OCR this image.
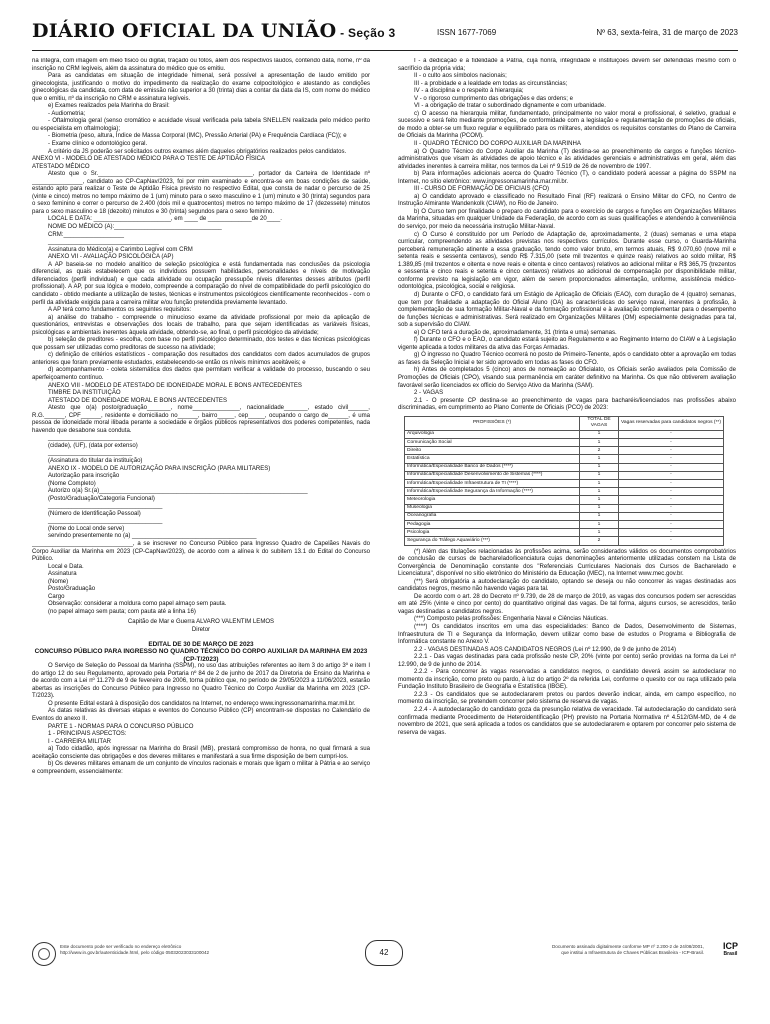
DIÁRIO OFICIAL DA UNIÃO - Seção 3	ISSN 1677-7069	Nº 63, sexta-feira, 31 de março de 2023

na íntegra, com imagem em meio físico ou digital, traçado ou fotos, além dos respectivos laudos, contendo data, nome, nº da inscrição no CRM legíveis, além da assinatura do médico que os emitiu.

Para as candidatas em situação de integridade himenal, será possível a apresentação de laudo emitido por ginecologista, justificando o motivo do impedimento da realização do exame colpocitológico e atestando as condições ginecológicas da candidata, com data de emissão não superior a 30 (trinta) dias a contar da data da IS, com nome do médico que o emitiu, nº da inscrição no CRM e assinatura legíveis.

e) Exames realizados pela Marinha do Brasil:

- Audiometria;

- Oftalmologia geral (senso cromático e acuidade visual verificada pela tabela SNELLEN realizada pelo médico perito ou especialista em oftalmologia);

- Biometria (peso, altura, Índice de Massa Corporal (IMC), Pressão Arterial (PA) e Frequência Cardíaca (FC)); e

- Exame clínico e odontológico geral.

A critério da JS poderão ser solicitados outros exames além daqueles obrigatórios realizados pelos candidatos.

ANEXO VI - MODELO DE ATESTADO MÉDICO PARA O TESTE DE APTIDÃO FÍSICA

ATESTADO MÉDICO

Atesto que o Sr.______________________________________________, portador da Carteira de Identidade nº _______________, candidato ao CP-CapNav/2023, foi por mim examinado e encontra-se em boas condições de saúde, estando apto para realizar o Teste de Aptidão Física previsto no respectivo Edital, que consta de nadar o percurso de 25 (vinte e cinco) metros no tempo máximo de 1 (um) minuto para o sexo masculino e 1 (um) minuto e 30 (trinta) segundos para o sexo feminino e correr o percurso de 2.400 (dois mil e quatrocentos) metros no tempo máximo de 17 (dezessete) minutos para o sexo masculino e 18 (dezoito) minutos e 30 (trinta) segundos para o sexo feminino.

LOCAL E DATA: _______________________, em ____ de _____________de 20____.

NOME DO MÉDICO (A):________________________________

CRM:__________________

_________________________________

Assinatura do Médico(a) e Carimbo Legível com CRM

ANEXO VII - AVALIAÇÃO PSICOLÓGICA (AP)

A AP baseia-se no modelo analítico de seleção psicológica e está fundamentada nas conclusões da psicologia diferencial, as quais estabelecem que os indivíduos possuem habilidades, personalidades e níveis de motivação diferenciados (perfil individual) e que cada atividade ou ocupação pressupõe níveis diferentes desses atributos (perfil profissional). A AP, por sua lógica e modelo, compreende a comparação do nível de compatibilidade do perfil psicológico do candidato - obtido mediante a utilização de testes, técnicas e instrumentos psicológicos cientificamente reconhecidos - com o perfil da atividade exigida para a carreira militar e/ou função pretendida previamente levantado.

A AP terá como fundamentos os seguintes requisitos:

a) análise do trabalho - compreende o minucioso exame da atividade profissional por meio da aplicação de questionários, entrevistas e observações dos locais de trabalho, para que sejam identificadas as variáveis físicas, psicológicas e ambientais inerentes àquela atividade, obtendo-se, ao final, o perfil psicológico da atividade;

b) seleção de preditores - escolha, com base no perfil psicológico determinado, dos testes e das técnicas psicológicas que possam ser utilizadas como preditoras de sucesso na atividade;

c) definição de critérios estatísticos - comparação dos resultados dos candidatos com dados acumulados de grupos anteriores que foram previamente estudados, estabelecendo-se então os níveis mínimos aceitáveis; e

d) acompanhamento - coleta sistemática dos dados que permitam verificar a validade do processo, buscando o seu aperfeiçoamento contínuo.

ANEXO VIII - MODELO DE ATESTADO DE IDONEIDADE MORAL E BONS ANTECEDENTES

TIMBRE DA INSTITUIÇÃO

ATESTADO DE IDONEIDADE MORAL E BONS ANTECEDENTES

Atesto que o(a) posto/graduação_______, nome______________, nacionalidade_______, estado civil______, R.G.______, CPF______, residente e domiciliado no______, bairro_____, cep_____, ocupando o cargo de______, é uma pessoa de idoneidade moral ilibada perante a sociedade e órgãos públicos representativos dos poderes competentes, nada havendo que desabone sua conduta.

_________________________

(cidade), (UF), (data por extenso)

_________________________

(Assinatura do titular da instituição)

ANEXO IX - MODELO DE AUTORIZAÇÃO PARA INSCRIÇÃO (PARA MILITARES)

Autorização para inscrição

(Nome Completo)

Autorizo o(a) Sr.(a)______________________________________________________________

(Posto/Graduação/Categoria Funcional)

__________________________________

(Número de Identificação Pessoal)

__________________________________

(Nome do Local onde serve)

servindo presentemente no (a) _____________________________________

______________________________, a se inscrever no Concurso Público para Ingresso Quadro de Capelães Navais do Corpo Auxiliar da Marinha em 2023 (CP-CapNav/2023), de acordo com a alínea k do subitem 13.1 do Edital do Concurso Público.

Local e Data.

Assinatura

(Nome)

Posto/Graduação

Cargo

Observação: considerar a moldura como papel almaço sem pauta.

(no papel almaço sem pauta; com pauta até a linha 16)

Capitão de Mar e Guerra ALVARO VALENTIM LEMOS

Diretor

EDITAL DE 30 DE MARÇO DE 2023

CONCURSO PÚBLICO PARA INGRESSO NO QUADRO TÉCNICO DO CORPO AUXILIAR DA MARINHA EM 2023 (CP-T/2023)

O Serviço de Seleção do Pessoal da Marinha (SSPM), no uso das atribuições referentes ao item 3 do artigo 3º e item I do artigo 12 do seu Regulamento, aprovado pela Portaria nº 84 de 2 de junho de 2017 da Diretoria de Ensino da Marinha e de acordo com a Lei nº 11.279 de 9 de fevereiro de 2006, torna público que, no período de 29/05/2023 a 11/06/2023, estarão abertas as inscrições do Concurso Público para Ingresso no Quadro Técnico do Corpo Auxiliar da Marinha em 2023 (CP-T/2023).

O presente Edital estará à disposição dos candidatos na Internet, no endereço www.ingressonamarinha.mar.mil.br.

As datas relativas às diversas etapas e eventos do Concurso Público (CP) encontram-se dispostas no Calendário de Eventos do anexo II.

PARTE 1 - NORMAS PARA O CONCURSO PÚBLICO

1 - PRINCIPAIS ASPECTOS:

I - CARREIRA MILITAR

a) Todo cidadão, após ingressar na Marinha do Brasil (MB), prestará compromisso de honra, no qual firmará a sua aceitação consciente das obrigações e dos deveres militares e manifestará a sua firme disposição de bem cumpri-los.

b) Os deveres militares emanam de um conjunto de vínculos racionais e morais que ligam o militar à Pátria e ao serviço e compreendem, essencialmente:

I - a dedicação e a fidelidade à Pátria, cuja honra, integridade e instituições devem ser defendidas mesmo com o sacrifício da própria vida;

II - o culto aos símbolos nacionais;

III - a probidade e a lealdade em todas as circunstâncias;

IV - a disciplina e o respeito à hierarquia;

V - o rigoroso cumprimento das obrigações e das ordens; e

VI - a obrigação de tratar o subordinado dignamente e com urbanidade.

c) O acesso na hierarquia militar, fundamentado, principalmente no valor moral e profissional, é seletivo, gradual e sucessivo e será feito mediante promoções, de conformidade com a legislação e regulamentação de promoções de oficiais, de modo a obter-se um fluxo regular e equilibrado para os militares, atendidos os requisitos constantes do Plano de Carreira de Oficiais da Marinha (PCOM).

II - QUADRO TÉCNICO DO CORPO AUXILIAR DA MARINHA

a) O Quadro Técnico do Corpo Auxiliar da Marinha (T) destina-se ao preenchimento de cargos e funções técnico-administrativos que visam às atividades de apoio técnico e às atividades gerenciais e administrativas em geral, além das atividades inerentes à carreira militar, nos termos da Lei nº 9.519 de 26 de novembro de 1997.

b) Para informações adicionais acerca do Quadro Técnico (T), o candidato poderá acessar a página do SSPM na Internet, no sítio eletrônico: www.ingressonamarinha.mar.mil.br.

III - CURSO DE FORMAÇÃO DE OFICIAIS (CFO)

a) O candidato aprovado e classificado no Resultado Final (RF) realizará o Ensino Militar do CFO, no Centro de Instrução Almirante Wandenkolk (CIAW), no Rio de Janeiro.

b) O Curso tem por finalidade o preparo do candidato para o exercício de cargos e funções em Organizações Militares da Marinha, situadas em qualquer Unidade da Federação, de acordo com as suas qualificações e atendendo à conveniência do serviço, por meio da necessária instrução Militar-Naval.

c) O Curso é constituído por um Período de Adaptação de, aproximadamente, 2 (duas) semanas e uma etapa curricular, compreendendo as atividades previstas nos respectivos currículos. Durante esse curso, o Guarda-Marinha perceberá remuneração atinente a essa graduação, tendo como valor bruto, em termos atuais, R$ 9.070,60 (nove mil e setenta reais e sessenta centavos), sendo R$ 7.315,00 (sete mil trezentos e quinze reais) relativos ao soldo militar, R$ 1.389,85 (mil trezentos e oitenta e nove reais e oitenta e cinco centavos) relativos ao adicional militar e R$ 365,75 (trezentos e sessenta e cinco reais e setenta e cinco centavos) relativos ao adicional de compensação por disponibilidade militar, conforme previsto na legislação em vigor, além de serem proporcionados alimentação, uniforme, assistência médico-odontológica, psicológica, social e religiosa.

d) Durante o CFO, o candidato fará um Estágio de Aplicação de Oficiais (EAO), com duração de 4 (quatro) semanas, que tem por finalidade a adaptação do Oficial Aluno (OA) às características do serviço naval, inerentes à profissão, à complementação de sua formação Militar-Naval e da formação profissional e à avaliação complementar para o desempenho de funções técnicas e administrativas. Será realizado em Organizações Militares (OM) especialmente designadas para tal, sob a supervisão do CIAW.

e) O CFO terá a duração de, aproximadamente, 31 (trinta e uma) semanas.

f) Durante o CFO e o EAO, o candidato estará sujeito ao Regulamento e ao Regimento Interno do CIAW e à Legislação vigente aplicada a todos militares da ativa das Forças Armadas.

g) O ingresso no Quadro Técnico ocorrerá no posto de Primeiro-Tenente, após o candidato obter a aprovação em todas as fases da Seleção Inicial e ter sido aprovado em todas as fases do CFO.

h) Antes de completados 5 (cinco) anos de nomeação ao Oficialato, os Oficiais serão avaliados pela Comissão de Promoções de Oficiais (CPO), visando sua permanência em caráter definitivo na Marinha. Os que não obtiverem avaliação favorável serão licenciados ex officio do Serviço Ativo da Marinha (SAM).

2 - VAGAS

2.1 - O presente CP destina-se ao preenchimento de vagas para bacharéis/licenciados nas profissões abaixo discriminadas, em cumprimento ao Plano Corrente de Oficiais (PCO) de 2023:

PROFISSÕES (*)	TOTAL DE VAGAS	Vagas reservadas para candidatos negros (**)
Arquivologia	1	-
Comunicação Social	1	-
Direito	2	-
Estatística	1	-
Informática/Especialidade Banco de Dados (****)	1	-
Informática/Especialidade Desenvolvimento de Sistemas (****)	1	-
Informática/Especialidade Infraestrutura de TI (****)	1	-
Informática/Especialidade Segurança da Informação (****)	1	-
Meteorologia	1	-
Museologia	1	-
Oceanografia	1	-
Pedagogia	1	-
Psicologia	1	-
Segurança do Tráfego Aquaviário (***)	2	-

(*) Além das titulações relacionadas às profissões acima, serão considerados válidos os documentos comprobatórios de conclusão de cursos de bacharelado/licenciatura cujas denominações anteriormente utilizadas constem na Lista de Convergência de Denominação constante dos "Referenciais Curriculares Nacionais dos Cursos de Bacharelado e Licenciatura", disponível no sítio eletrônico do Ministério da Educação (MEC), na Internet www.mec.gov.br.

(**) Será obrigatória a autodeclaração do candidato, optando se deseja ou não concorrer às vagas destinadas aos candidatos negros, mesmo não havendo vagas para tal.

De acordo com o art. 28 do Decreto nº 9.739, de 28 de março de 2019, as vagas dos concursos podem ser acrescidas em até 25% (vinte e cinco por cento) do quantitativo original das vagas. De tal forma, alguns cursos, se acrescidos, terão vagas destinadas a candidatos negros.

(***) Composto pelas profissões: Engenharia Naval e Ciências Náuticas.

(****) Os candidatos inscritos em uma das especialidades: Banco de Dados, Desenvolvimento de Sistemas, Infraestrutura de TI e Segurança da Informação, devem utilizar como base de estudos o Programa e Bibliografia de Informática constante no Anexo V.

2.2 - VAGAS DESTINADAS AOS CANDIDATOS NEGROS (Lei nº 12.990, de 9 de junho de 2014)

2.2.1 - Das vagas destinadas para cada profissão neste CP, 20% (vinte por cento) serão providas na forma da Lei nº 12.990, de 9 de junho de 2014.

2.2.2 - Para concorrer às vagas reservadas a candidatos negros, o candidato deverá assim se autodeclarar no momento da inscrição, como preto ou pardo, à luz do artigo 2º da referida Lei, conforme o quesito cor ou raça utilizado pela Fundação Instituto Brasileiro de Geografia e Estatística (IBGE).

2.2.3 - Os candidatos que se autodeclararem pretos ou pardos deverão indicar, ainda, em campo específico, no momento da inscrição, se pretendem concorrer pelo sistema de reserva de vagas.

2.2.4 - A autodeclaração do candidato goza da presunção relativa de veracidade. Tal autodeclaração do candidato será confirmada mediante Procedimento de Heteroidentificação (PH) previsto na Portaria Normativa nº 4.512/GM-MD, de 4 de novembro de 2021, que será aplicada a todos os candidatos que se autodeclararem e optarem por concorrer pelo sistema de reserva de vagas.

Este documento pode ser verificado no endereço eletrônico
http://www.in.gov.br/autenticidade.html, pelo código 05032023033100042	42
Documento assinado digitalmente conforme MP nº 2.200-2 de 24/08/2001,
que institui a Infraestrutura de Chaves Públicas Brasileira - ICP-Brasil.
ICP
Brasil
